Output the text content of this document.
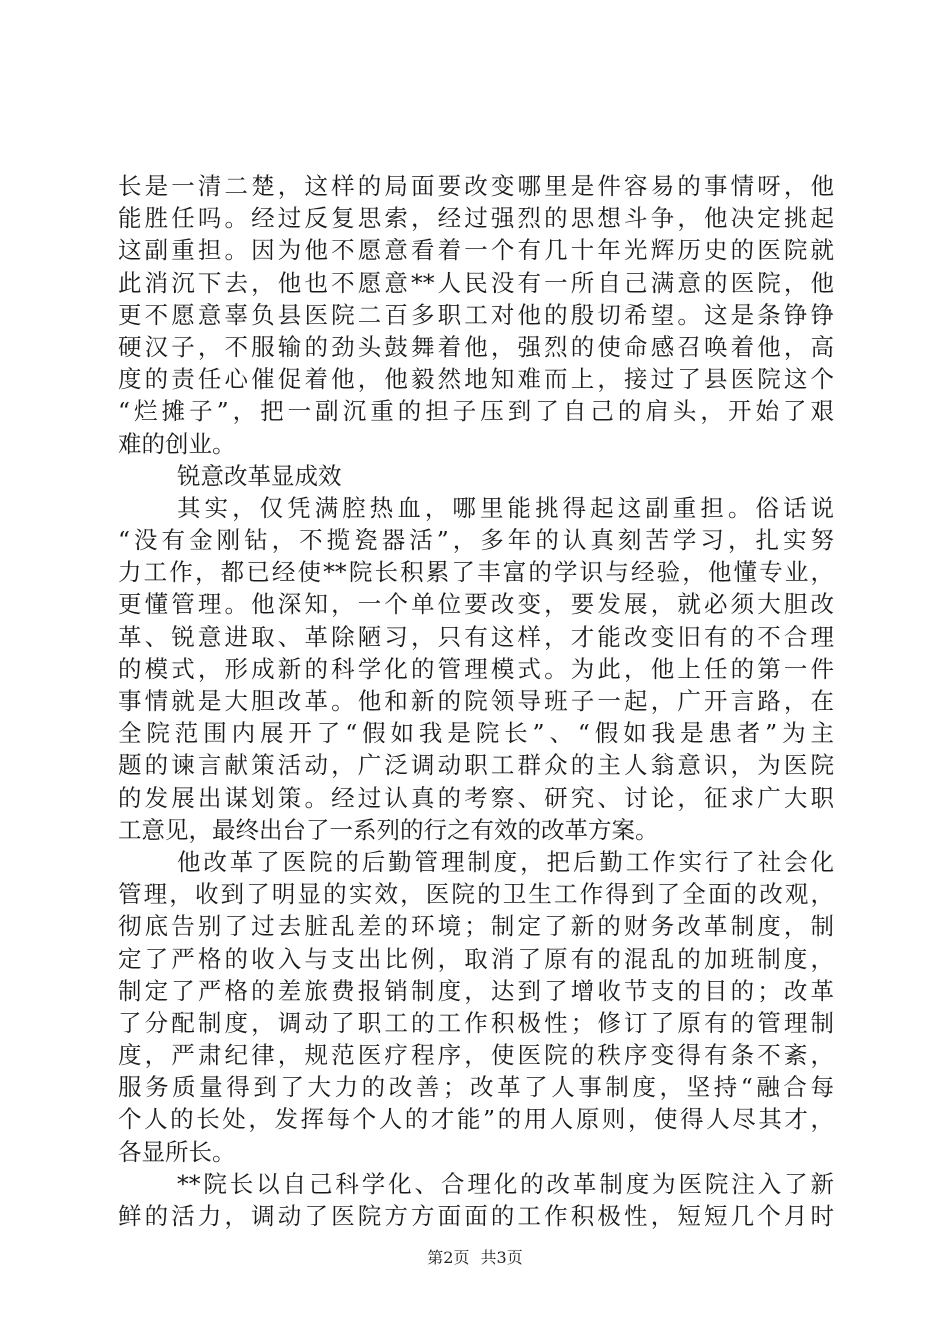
长是一清二楚，这样的局面要改变哪里是件容易的事情呀，他
能胜任吗。经过反复思索，经过强烈的思想斗争，他决定挑起
这副重担。因为他不愿意看着一个有几十年光辉历史的医院就
此消沉下去，他也不愿意**人民没有一所自己满意的医院，他
更不愿意辜负县医院二百多职工对他的殷切希望。这是条铮铮
硬汉子，不服输的劲头鼓舞着他，强烈的使命感召唤着他，高
度的责任心催促着他，他毅然地知难而上，接过了县医院这个
“烂摊子”，把一副沉重的担子压到了自己的肩头，开始了艰
难的创业。
锐意改革显成效
其实，仅凭满腔热血，哪里能挑得起这副重担。俗话说
“没有金刚钻，不揽瓷器活”，多年的认真刻苦学习，扎实努
力工作，都已经使**院长积累了丰富的学识与经验，他懂专业，
更懂管理。他深知，一个单位要改变，要发展，就必须大胆改
革、锐意进取、革除陋习，只有这样，才能改变旧有的不合理
的模式，形成新的科学化的管理模式。为此，他上任的第一件
事情就是大胆改革。他和新的院领导班子一起，广开言路，在
全院范围内展开了“假如我是院长”、“假如我是患者”为主
题的谏言献策活动，广泛调动职工群众的主人翁意识，为医院
的发展出谋划策。经过认真的考察、研究、讨论，征求广大职
工意见，最终出台了一系列的行之有效的改革方案。
他改革了医院的后勤管理制度，把后勤工作实行了社会化
管理，收到了明显的实效，医院的卫生工作得到了全面的改观，
彻底告别了过去脏乱差的环境；制定了新的财务改革制度，制
定了严格的收入与支出比例，取消了原有的混乱的加班制度，
制定了严格的差旅费报销制度，达到了增收节支的目的；改革
了分配制度，调动了职工的工作积极性；修订了原有的管理制
度，严肃纪律，规范医疗程序，使医院的秩序变得有条不紊，
服务质量得到了大力的改善；改革了人事制度，坚持“融合每
个人的长处，发挥每个人的才能”的用人原则，使得人尽其才，
各显所长。
**院长以自己科学化、合理化的改革制度为医院注入了新
鲜的活力，调动了医院方方面面的工作积极性，短短几个月时
第2页 共3页
